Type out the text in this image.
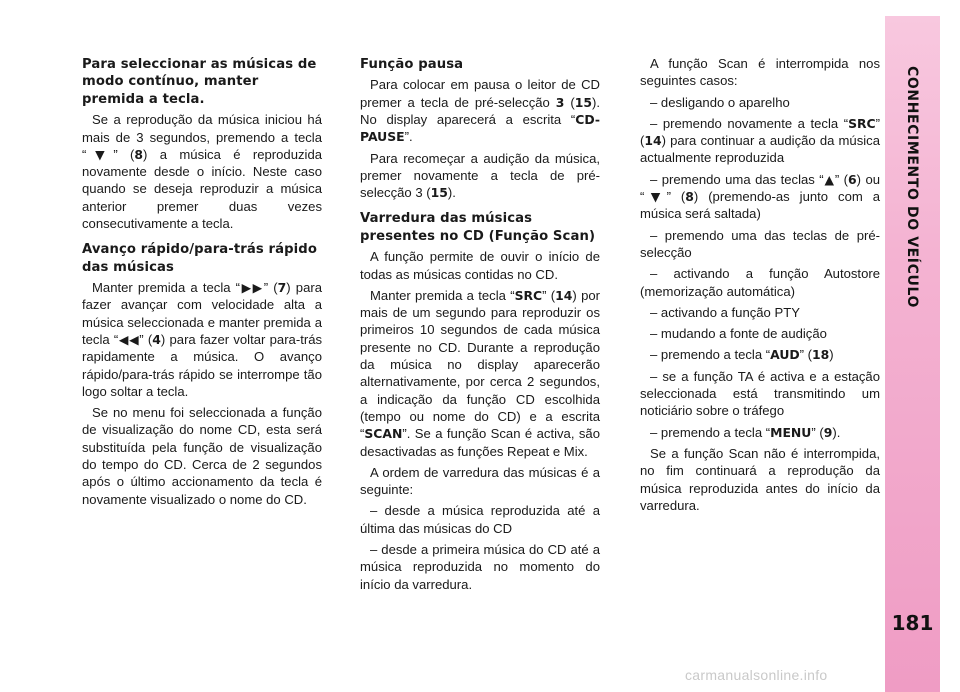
Para seleccionar as músicas de modo contínuo, manter premida a tecla.

Se a reprodução da música iniciou há mais de 3 segundos, premendo a tecla “▼” (8) a música é reproduzida novamente desde o início. Neste caso quando se deseja reproduzir a música anterior premer duas vezes consecutivamente a tecla.

Avanço rápido/para-trás rápido das músicas

Manter premida a tecla “▶▶” (7) para fazer avançar com velocidade alta a música seleccionada e manter premida a tecla “◀◀” (4) para fazer voltar para-trás rapidamente a música. O avanço rápido/para-trás rápido se interrompe tão logo soltar a tecla.

Se no menu foi seleccionada a função de visualização do nome CD, esta será substituída pela função de visualização do tempo do CD. Cerca de 2 segundos após o último accionamento da tecla é novamente visualizado o nome do CD.

Função pausa

Para colocar em pausa o leitor de CD premer a tecla de pré-selecção 3 (15). No display aparecerá a escrita “CD-PAUSE”.

Para recomeçar a audição da música, premer novamente a tecla de pré-selecção 3 (15).

Varredura das músicas presentes no CD (Função Scan)

A função permite de ouvir o início de todas as músicas contidas no CD.

Manter premida a tecla “SRC” (14) por mais de um segundo para reproduzir os primeiros 10 segundos de cada música presente no CD. Durante a reprodução da música no display aparecerão alternativamente, por cerca 2 segundos, a indicação da função CD escolhida (tempo ou nome do CD) e a escrita “SCAN”. Se a função Scan é activa, são desactivadas as funções Repeat e Mix.

A ordem de varredura das músicas é a seguinte:

– desde a música reproduzida até a última das músicas do CD

– desde a primeira música do CD até a música reproduzida no momento do início da varredura.

A função Scan é interrompida nos seguintes casos:

– desligando o aparelho

– premendo novamente a tecla “SRC” (14) para continuar a audição da música actualmente reproduzida

– premendo uma das teclas “▲” (6) ou “▼” (8) (premendo-as junto com a música será saltada)

– premendo uma das teclas de pré-selecção

– activando a função Autostore (memorização automática)

– activando a função PTY

– mudando a fonte de audição

– premendo a tecla “AUD” (18)

– se a função TA é activa e a estação seleccionada está transmitindo um noticiário sobre o tráfego

– premendo a tecla “MENU” (9).

Se a função Scan não é interrompida, no fim continuará a reprodução da música reproduzida antes do início da varredura.

CONHECIMENTO DO VEÍCULO
181
carmanualsonline.info
